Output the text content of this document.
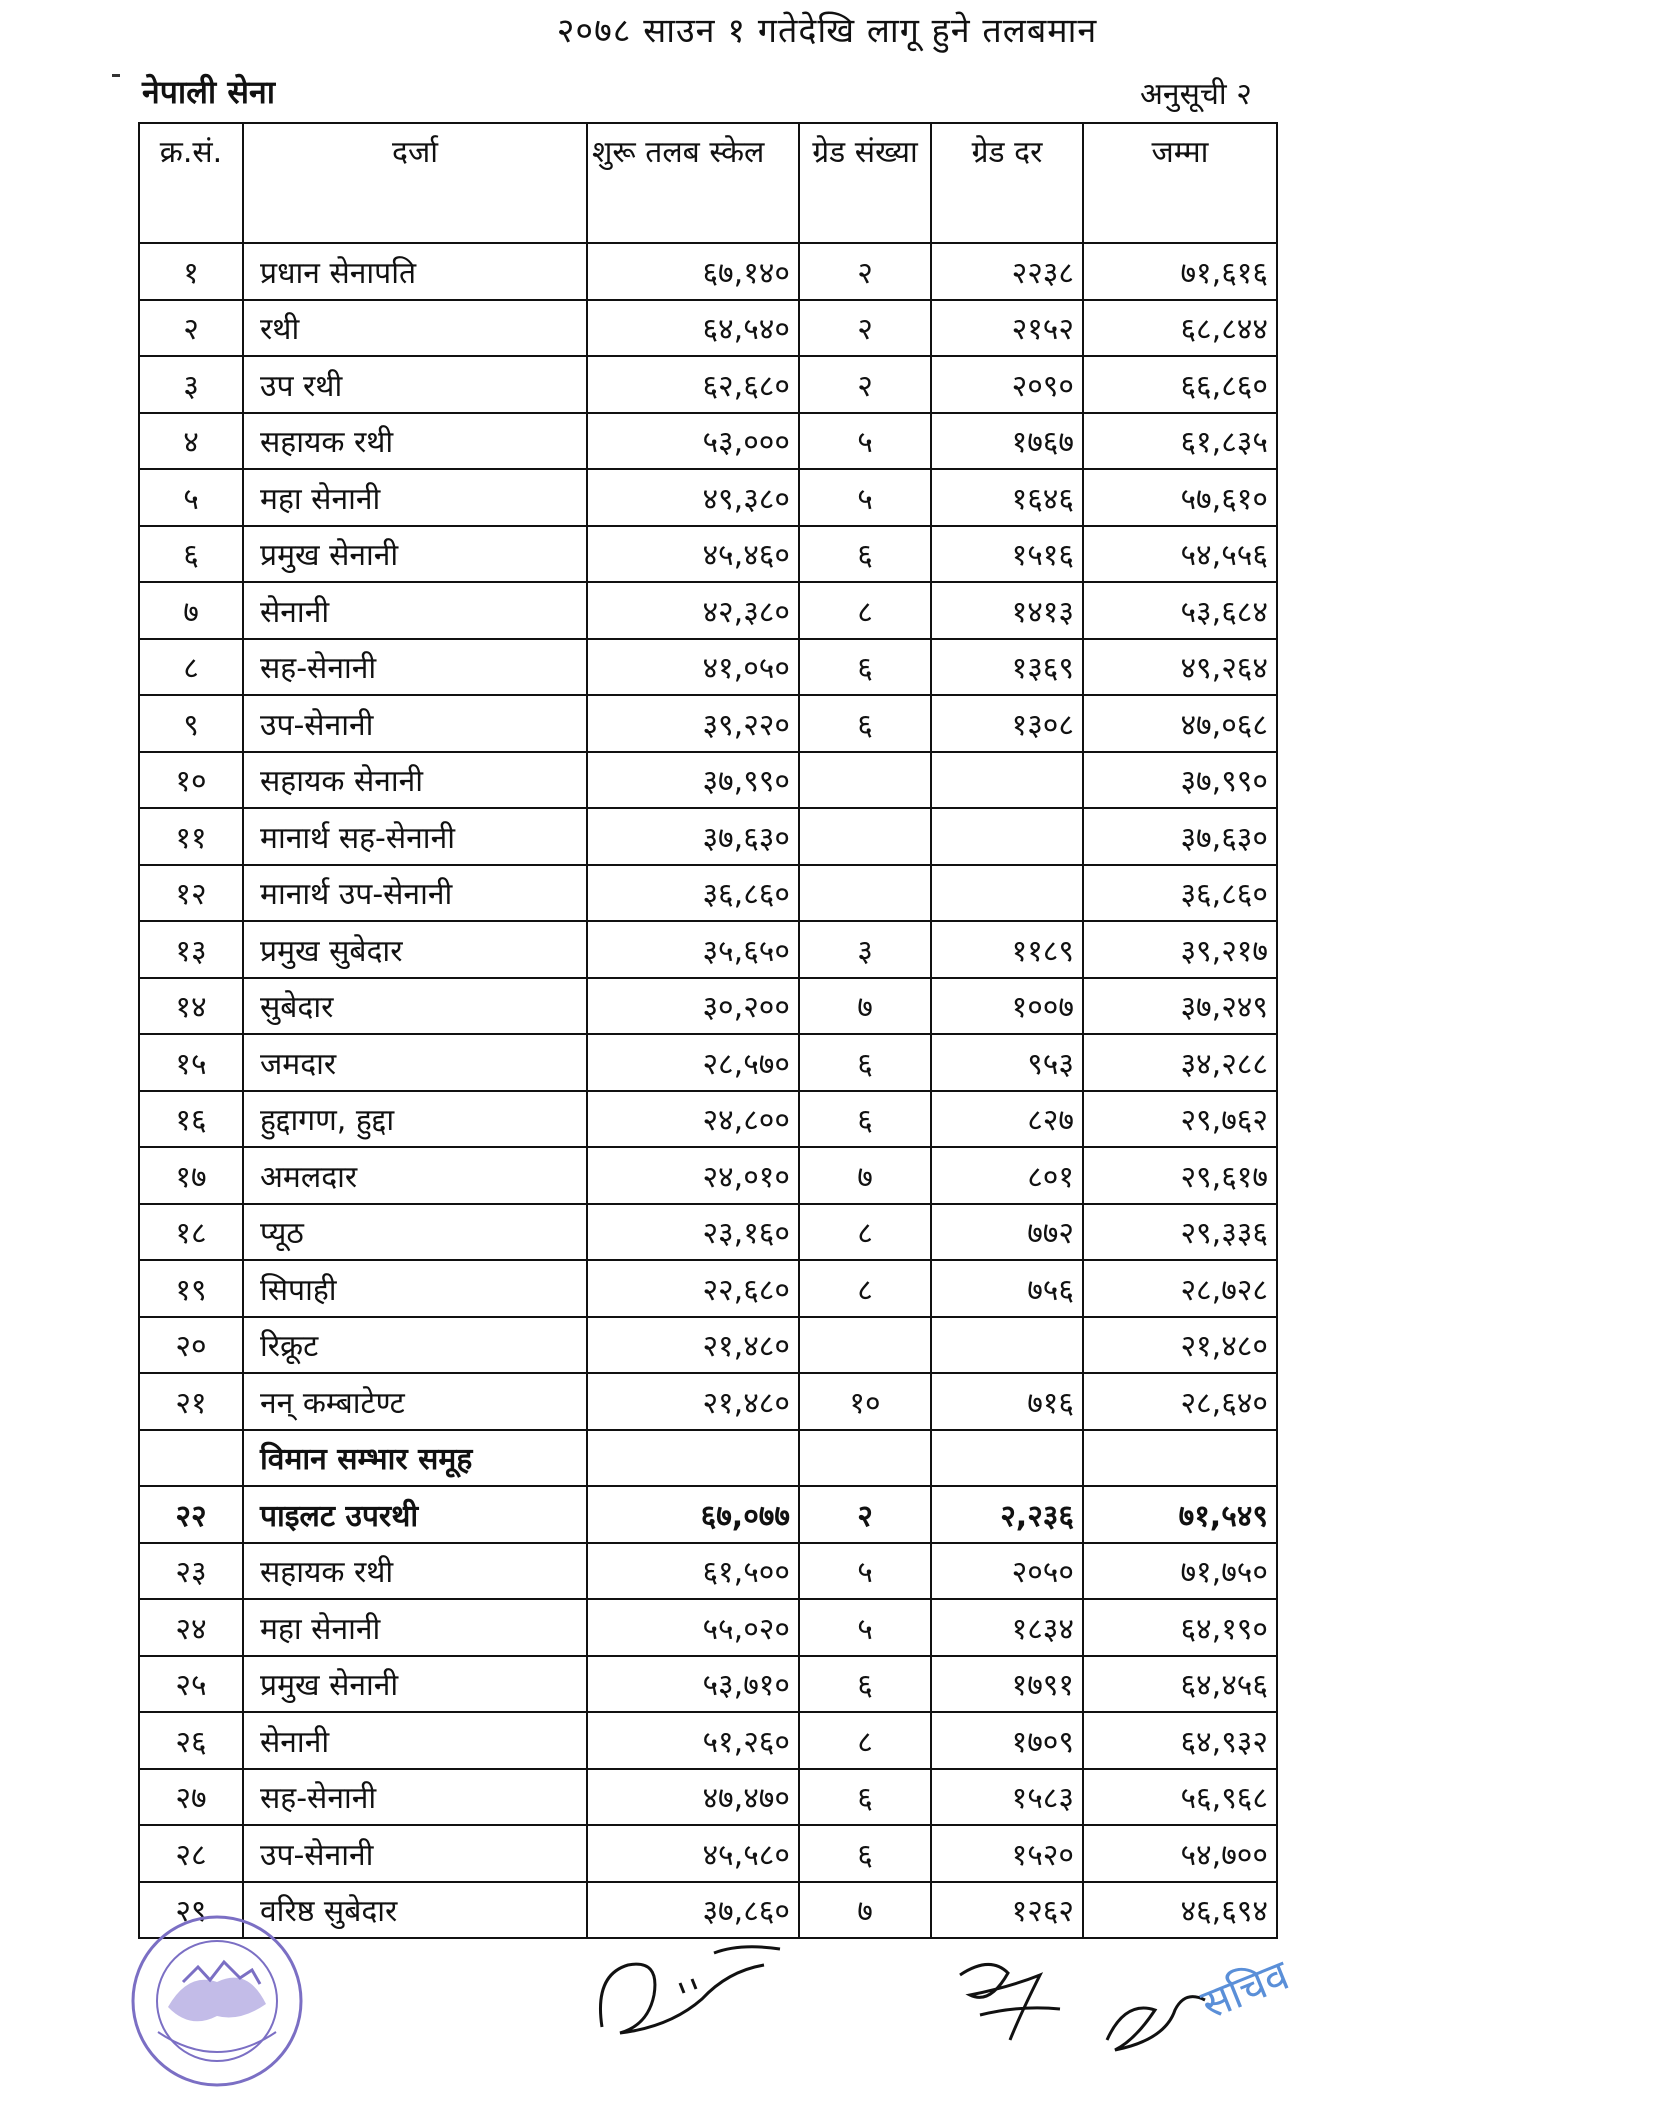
२०७८ साउन १ गतेदेखि लागू हुने तलबमान
नेपाली सेना	अनुसूची २
क्र.सं.	दर्जा	शुरू तलब स्केल	ग्रेड संख्या	ग्रेड दर	जम्मा
१	प्रधान सेनापति	६७,१४०	२	२२३८	७१,६१६
२	रथी	६४,५४०	२	२१५२	६८,८४४
३	उप रथी	६२,६८०	२	२०९०	६६,८६०
४	सहायक रथी	५३,०००	५	१७६७	६१,८३५
५	महा सेनानी	४९,३८०	५	१६४६	५७,६१०
६	प्रमुख सेनानी	४५,४६०	६	१५१६	५४,५५६
७	सेनानी	४२,३८०	८	१४१३	५३,६८४
८	सह-सेनानी	४१,०५०	६	१३६९	४९,२६४
९	उप-सेनानी	३९,२२०	६	१३०८	४७,०६८
१०	सहायक सेनानी	३७,९९०			३७,९९०
११	मानार्थ सह-सेनानी	३७,६३०			३७,६३०
१२	मानार्थ उप-सेनानी	३६,८६०			३६,८६०
१३	प्रमुख सुबेदार	३५,६५०	३	११८९	३९,२१७
१४	सुबेदार	३०,२००	७	१००७	३७,२४९
१५	जमदार	२८,५७०	६	९५३	३४,२८८
१६	हुद्दागण, हुद्दा	२४,८००	६	८२७	२९,७६२
१७	अमलदार	२४,०१०	७	८०१	२९,६१७
१८	प्यूठ	२३,१६०	८	७७२	२९,३३६
१९	सिपाही	२२,६८०	८	७५६	२८,७२८
२०	रिक्रूट	२१,४८०			२१,४८०
२१	नन् कम्बाटेण्ट	२१,४८०	१०	७१६	२८,६४०
	विमान सम्भार समूह				
२२	पाइलट उपरथी	६७,०७७	२	२,२३६	७१,५४९
२३	सहायक रथी	६१,५००	५	२०५०	७१,७५०
२४	महा सेनानी	५५,०२०	५	१८३४	६४,१९०
२५	प्रमुख सेनानी	५३,७१०	६	१७९१	६४,४५६
२६	सेनानी	५१,२६०	८	१७०९	६४,९३२
२७	सह-सेनानी	४७,४७०	६	१५८३	५६,९६८
२८	उप-सेनानी	४५,५८०	६	१५२०	५४,७००
२९	वरिष्ठ सुबेदार	३७,८६०	७	१२६२	४६,६९४
सचिव
